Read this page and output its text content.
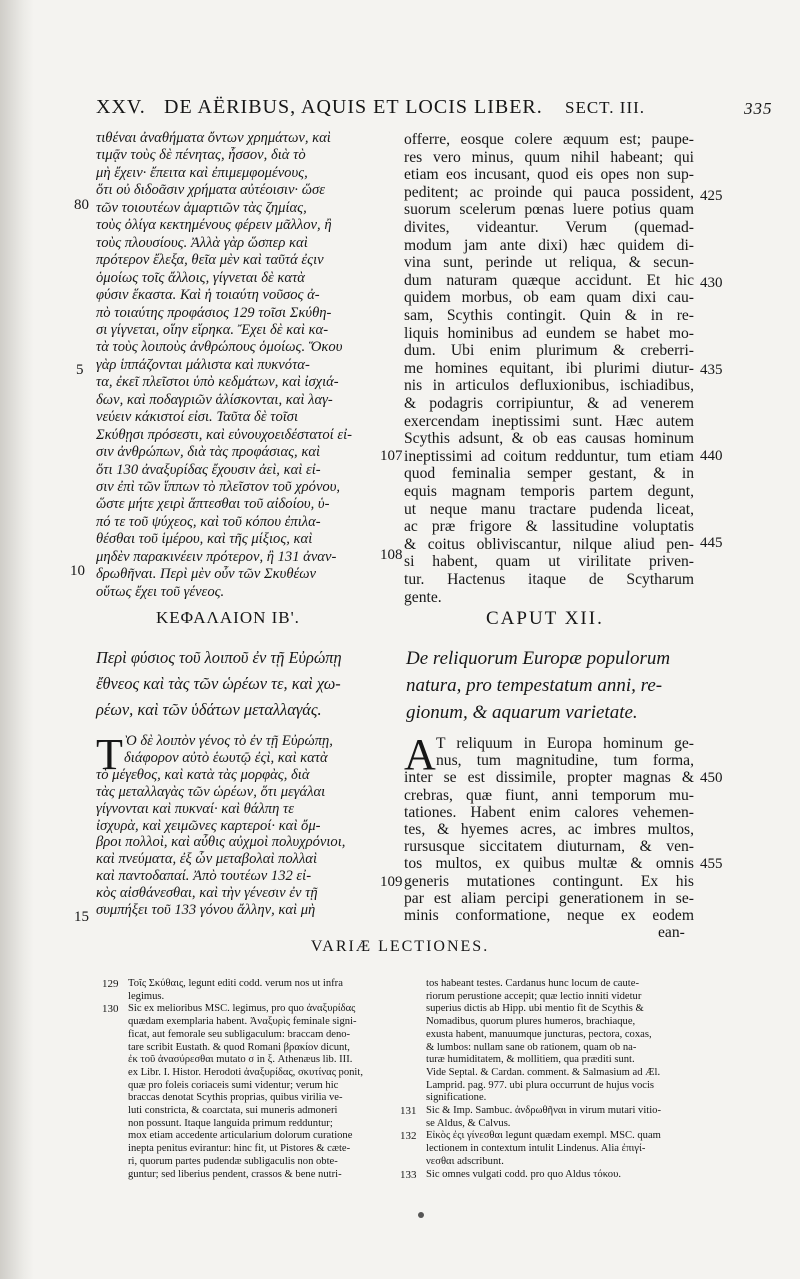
XXV. DE AËRIBUS, AQUIS ET LOCIS LIBER. SECT. III.	335
τιθέναι ἀναθήματα ὄντων χρημάτων, καὶ
τιμᾷν τοὺς δὲ πένητας, ἧσσον, διὰ τὸ
μὴ ἔχειν· ἔπειτα καὶ ἐπιμεμφομένους,
ὅτι οὐ διδοᾶσιν χρήματα αὐτέοισιν· ὥσε
τῶν τοιουτέων ἁμαρτιῶν τὰς ζημίας,
τοὺς ὀλίγα κεκτημένους φέρειν μᾶλλον, ἢ
τοὺς πλουσίους. Ἀλλὰ γὰρ ὥσπερ καὶ
πρότερον ἔλεξα, θεῖα μὲν καὶ ταῦτά ἐςιν
ὁμοίως τοῖς ἄλλοις, γίγνεται δὲ κατὰ
φύσιν ἕκαστα. Καὶ ἡ τοιαύτη νοῦσος ἀ-
πὸ τοιαύτης προφάσιος 129 τοῖσι Σκύθη-
σι γίγνεται, οἵην εἴρηκα. Ἔχει δὲ καὶ κα-
τὰ τοὺς λοιποὺς ἀνθρώπους ὁμοίως. Ὅκου
γὰρ ἱππάζονται μάλιστα καὶ πυκνότα-
τα, ἐκεῖ πλεῖστοι ὑπὸ κεδμάτων, καὶ ἰσχιά-
δων, καὶ ποδαγριῶν ἁλίσκονται, καὶ λαγ-
νεύειν κάκιστοί εἰσι. Ταῦτα δὲ τοῖσι
Σκύθῃσι πρόσεστι, καὶ εὐνουχοειδέστατοί εἰ-
σιν ἀνθρώπων, διὰ τὰς προφάσιας, καὶ
ὅτι 130 ἀναξυρίδας ἔχουσιν ἀεὶ, καὶ εἰ-
σιν ἐπὶ τῶν ἵππων τὸ πλεῖστον τοῦ χρόνου,
ὥστε μήτε χειρὶ ἅπτεσθαι τοῦ αἰδοίου, ὑ-
πό τε τοῦ ψύχεος, καὶ τοῦ κόπου ἐπιλα-
θέσθαι τοῦ ἱμέρου, καὶ τῆς μίξιος, καὶ
μηδὲν παρακινέειν πρότερον, ἢ 131 ἀναν-
δρωθῆναι. Περὶ μὲν οὖν τῶν Σκυθέων
οὕτως ἔχει τοῦ γένεος.
offerre, eosque colere æquum est; paupe-
res vero minus, quum nihil habeant; qui
etiam eos incusant, quod eis opes non sup-
peditent; ac proinde qui pauca possident,
suorum scelerum pœnas luere potius quam
divites, videantur. Verum (quemad-
modum jam ante dixi) hæc quidem di-
vina sunt, perinde ut reliqua, & secun-
dum naturam quæque accidunt. Et hic
quidem morbus, ob eam quam dixi cau-
sam, Scythis contingit. Quin & in re-
liquis hominibus ad eundem se habet mo-
dum. Ubi enim plurimum & creberri-
me homines equitant, ibi plurimi diutur-
nis in articulos defluxionibus, ischiadibus,
& podagris corripiuntur, & ad venerem
exercendam ineptissimi sunt. Hæc autem
Scythis adsunt, & ob eas causas hominum
ineptissimi ad coitum redduntur, tum etiam
quod feminalia semper gestant, & in
equis magnam temporis partem degunt,
ut neque manu tractare pudenda liceat,
ac præ frigore & lassitudine voluptatis
& coitus obliviscantur, nilque aliud pen-
si habent, quam ut virilitate priven-
tur. Hactenus itaque de Scytharum
gente.
80
5
10
15
107
108
109
425
430
435
440
445
450
455
ΚΕΦΑΛΑΙΟΝ ΙΒ'.	CAPUT XII.
Περὶ φύσιος τοῦ λοιποῦ ἐν τῇ Εὐρώπῃ
ἔθνεος καὶ τὰς τῶν ὡρέων τε, καὶ χω-
ρέων, καὶ τῶν ὑδάτων μεταλλαγάς.
De reliquorum Europæ populorum
natura, pro tempestatum anni, re-
gionum, & aquarum varietate.
Τ	A
Ὸ δὲ λοιπὸν γένος τὸ ἐν τῇ Εὐρώπῃ,
διάφορον αὐτὸ ἑωυτῷ ἐςὶ, καὶ κατὰ
τὸ μέγεθος, καὶ κατὰ τὰς μορφὰς, διὰ
τὰς μεταλλαγὰς τῶν ὡρέων, ὅτι μεγάλαι
γίγνονται καὶ πυκναί· καὶ θάλπη τε
ἰσχυρὰ, καὶ χειμῶνες καρτεροί· καὶ ὄμ-
βροι πολλοὶ, καὶ αὖθις αὐχμοὶ πολυχρόνιοι,
καὶ πνεύματα, ἐξ ὧν μεταβολαὶ πολλαὶ
καὶ παντοδαπαί. Ἀπὸ τουτέων 132 εἰ-
κὸς αἰσθάνεσθαι, καὶ τὴν γένεσιν ἐν τῇ
συμπήξει τοῦ 133 γόνου ἄλλην, καὶ μὴ
T reliquum in Europa hominum ge-
nus, tum magnitudine, tum forma,
inter se est dissimile, propter magnas &
crebras, quæ fiunt, anni temporum mu-
tationes. Habent enim calores vehemen-
tes, & hyemes acres, ac imbres multos,
rursusque siccitatem diuturnam, & ven-
tos multos, ex quibus multæ & omnis
generis mutationes contingunt. Ex his
par est aliam percipi generationem in se-
minis conformatione, neque ex eodem
ean-
VARIÆ LECTIONES.
129 Τοῖς Σκύθαις, legunt editi codd. verum nos ut infra
legimus.
130 Sic ex melioribus MSC. legimus, pro quo ἀναξυρίδας
quædam exemplaria habent. Ἀναξυρὶς feminale signi-
ficat, aut femorale seu subligaculum: braccam deno-
tare scribit Eustath. & quod Romani βρακίον dicunt,
ἐκ τοῦ ἀνασύρεσθαι mutato σ in ξ. Athenæus lib. III.
ex Libr. I. Histor. Herodoti ἀναξυρίδας, σκυτίνας ponit,
quæ pro foleis coriaceis sumi videntur; verum hic
braccas denotat Scythis proprias, quibus virilia ve-
luti constricta, & coarctata, sui muneris admoneri
non possunt. Itaque languida primum redduntur;
mox etiam accedente articularium dolorum curatione
inepta penitus evirantur: hinc fit, ut Pistores & cæte-
ri, quorum partes pudendæ subligaculis non obte-
guntur; sed liberius pendent, crassos & bene nutri-
tos habeant testes. Cardanus hunc locum de caute-
riorum perustione accepit; quæ lectio inniti videtur
superius dictis ab Hipp. ubi mentio fit de Scythis &
Nomadibus, quorum plures humeros, brachiaque,
exusta habent, manuumque juncturas, pectora, coxas,
& lumbos: nullam sane ob rationem, quam ob na-
turæ humiditatem, & mollitiem, qua præditi sunt.
Vide Septal. & Cardan. comment. & Salmasium ad Æl.
Lamprid. pag. 977. ubi plura occurrunt de hujus vocis
significatione.
131 Sic & Imp. Sambuc. ἀνδρωθῆναι in virum mutari vitio-
se Aldus, & Calvus.
132 Εἰκὸς ἐςι γίνεσθαι legunt quædam exempl. MSC. quam
lectionem in contextum intulit Lindenus. Alia ἐπιγί-
νεσθαι adscribunt.
133 Sic omnes vulgati codd. pro quo Aldus τόκου.
